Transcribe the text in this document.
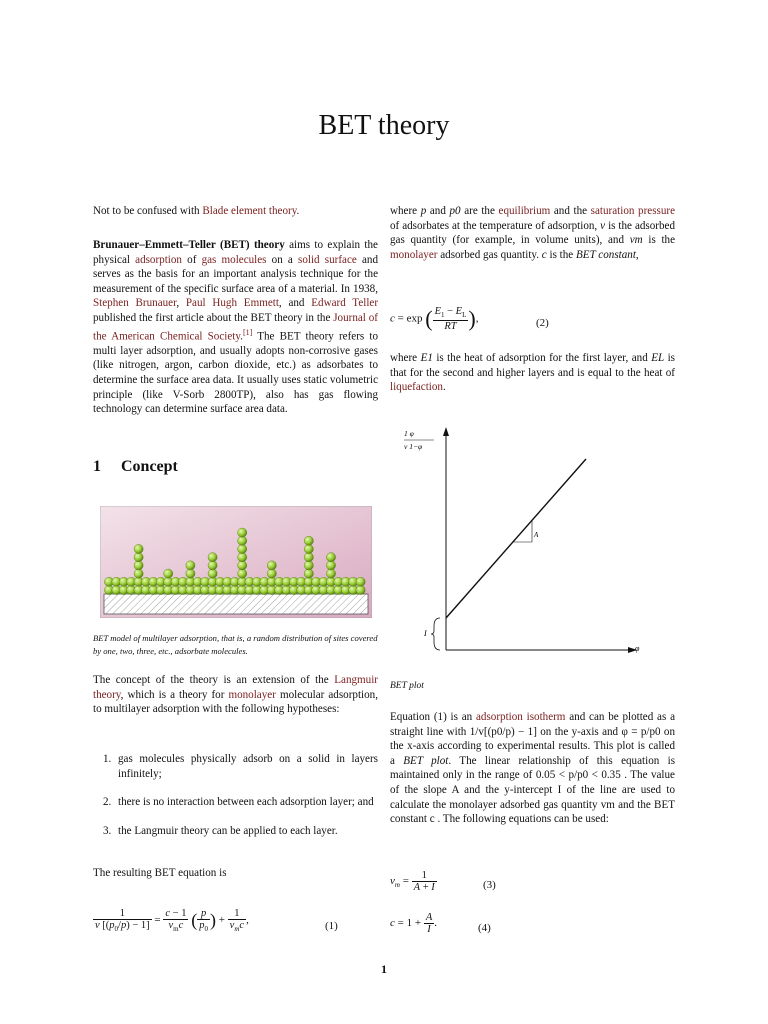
BET theory
Not to be confused with Blade element theory.
Brunauer–Emmett–Teller (BET) theory aims to explain the physical adsorption of gas molecules on a solid surface and serves as the basis for an important analysis technique for the measurement of the specific surface area of a material. In 1938, Stephen Brunauer, Paul Hugh Emmett, and Edward Teller published the first article about the BET theory in the Journal of the American Chemical Society.[1] The BET theory refers to multi layer adsorption, and usually adopts non-corrosive gases (like nitrogen, argon, carbon dioxide, etc.) as adsorbates to determine the surface area data. It usually uses static volumetric principle (like V-Sorb 2800TP), also has gas flowing technology can determine surface area data.
1 Concept
BET model of multilayer adsorption, that is, a random distribution of sites covered by one, two, three, etc., adsorbate molecules.
The concept of the theory is an extension of the Langmuir theory, which is a theory for monolayer molecular adsorption, to multilayer adsorption with the following hypotheses:
1. gas molecules physically adsorb on a solid in layers infinitely;
2. there is no interaction between each adsorption layer; and
3. the Langmuir theory can be applied to each layer.
The resulting BET equation is
$\frac{1}{v [(p_0/p) - 1]} = \frac{c - 1}{v_mc}$ ( $\frac{p}{p_0}$ ) + $\frac{1}{v_mc}$ ,	(1)
where p and p0 are the equilibrium and the saturation pressure of adsorbates at the temperature of adsorption, v is the adsorbed gas quantity (for example, in volume units), and vm is the monolayer adsorbed gas quantity. c is the BET constant,
c = exp ( $\frac{E_1 - E_L}{RT}$ ),	(2)
where E1 is the heat of adsorption for the first layer, and EL is that for the second and higher layers and is equal to the heat of liquefaction.
1 φ
v 1−φ
A
I
φ
BET plot
Equation (1) is an adsorption isotherm and can be plotted as a straight line with 1/v[(p0/p) − 1] on the y-axis and φ = p/p0 on the x-axis according to experimental results. This plot is called a BET plot. The linear relationship of this equation is maintained only in the range of 0.05 < p/p0 < 0.35 . The value of the slope A and the y-intercept I of the line are used to calculate the monolayer adsorbed gas quantity vm and the BET constant c . The following equations can be used:
$v_m = \frac{1}{A + I}$	(3)
$c = 1 + \frac{A}{I}$ .	(4)
1
